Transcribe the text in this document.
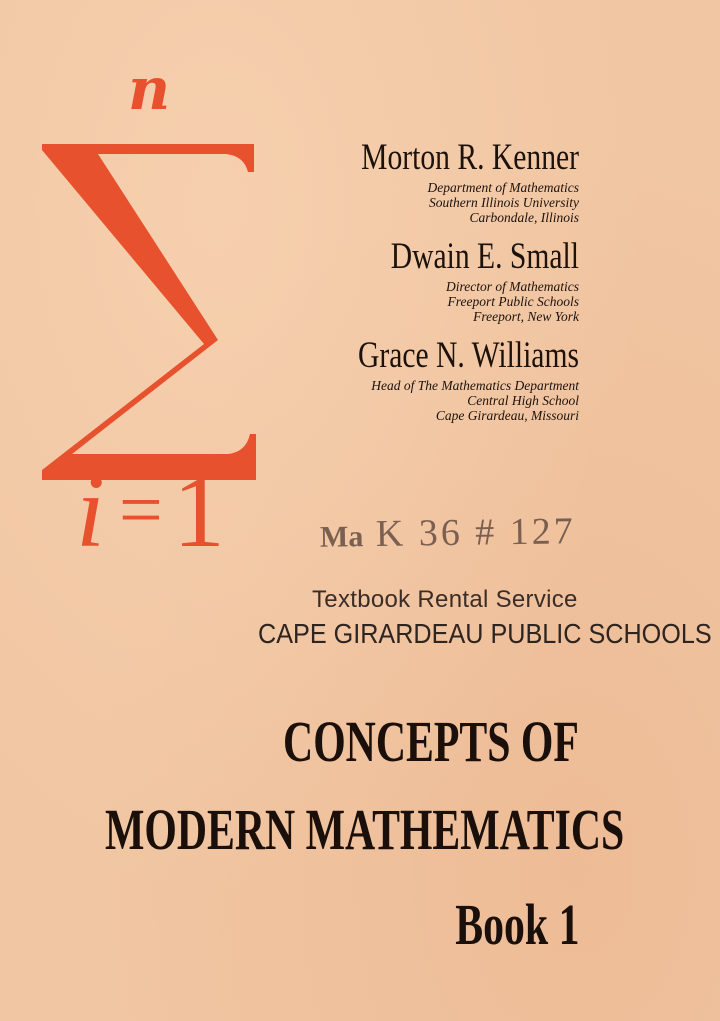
n
i =1
Morton R. Kenner
Department of Mathematics
Southern Illinois University
Carbondale, Illinois
Dwain E. Small
Director of Mathematics
Freeport Public Schools
Freeport, New York
Grace N. Williams
Head of The Mathematics Department
Central High School
Cape Girardeau, Missouri
Ma K 36 # 127
Textbook Rental Service
CAPE GIRARDEAU PUBLIC SCHOOLS
CONCEPTS OF
MODERN MATHEMATICS
Book 1
